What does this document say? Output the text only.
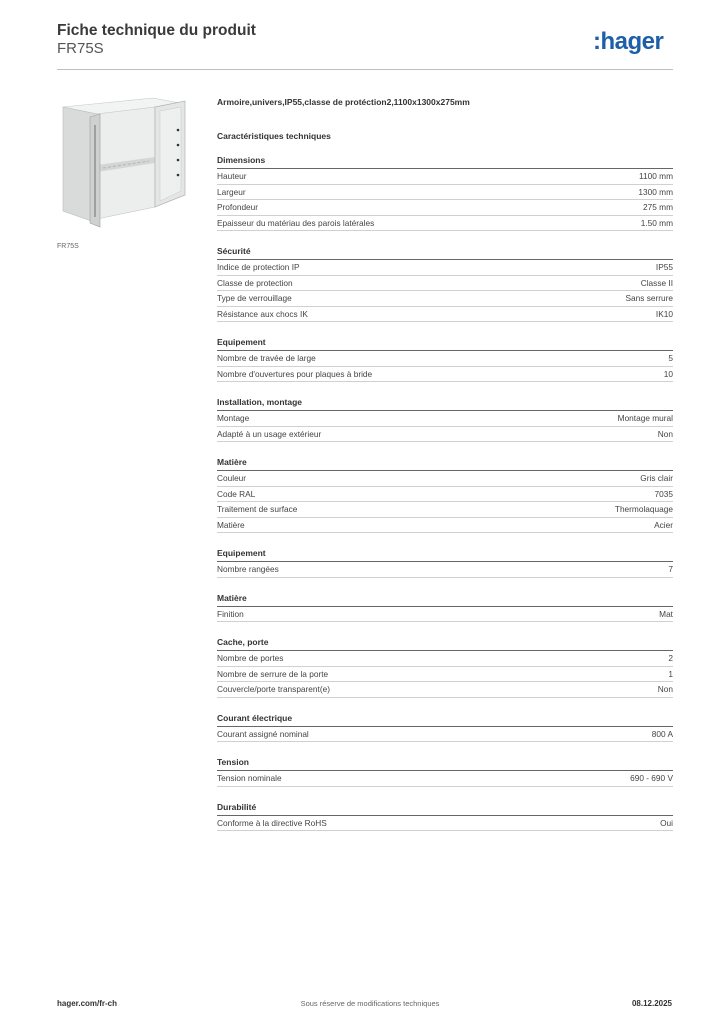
Fiche technique du produit
FR75S	:hager
FR75S
Armoire,univers,IP55,classe de protéction2,1100x1300x275mm
Caractéristiques techniques
Dimensions
Hauteur	1100 mm
Largeur	1300 mm
Profondeur	275 mm
Epaisseur du matériau des parois latérales	1.50 mm
Sécurité
Indice de protection IP	IP55
Classe de protection	Classe II
Type de verrouillage	Sans serrure
Résistance aux chocs IK	IK10
Equipement
Nombre de travée de large	5
Nombre d'ouvertures pour plaques à bride	10
Installation, montage
Montage	Montage mural
Adapté à un usage extérieur	Non
Matière
Couleur	Gris clair
Code RAL	7035
Traitement de surface	Thermolaquage
Matière	Acier
Equipement
Nombre rangées	7
Matière
Finition	Mat
Cache, porte
Nombre de portes	2
Nombre de serrure de la porte	1
Couvercle/porte transparent(e)	Non
Courant électrique
Courant assigné nominal	800 A
Tension
Tension nominale	690 - 690 V
Durabilité
Conforme à la directive RoHS	Oui
hager.com/fr-ch	Sous réserve de modifications techniques	08.12.2025
